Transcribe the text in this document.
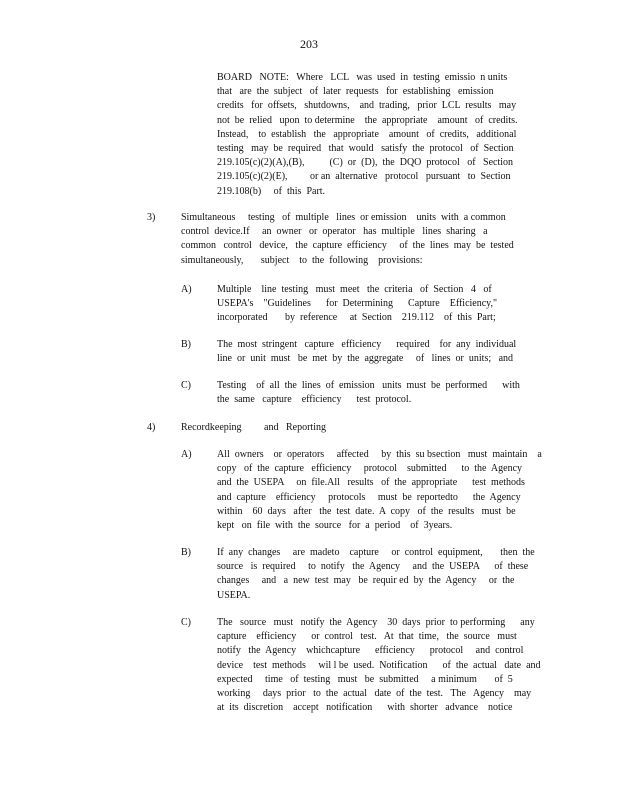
203
BOARD   NOTE:   Where   LCL   was  used  in  testing  emissio  n units
that   are  the  subject   of  later  requests   for  establishing   emission
credits   for  offsets,   shutdowns,    and  trading,   prior  LCL  results   may
not  be  relied   upon  to determine    the  appropriate    amount   of  credits.
Instead,    to  establish   the   appropriate    amount   of  credits,   additional
testing   may  be  required   that  would   satisfy  the  protocol   of  Section
219.105(c)(2)(A),(B),          (C)  or  (D),  the  DQO  protocol   of   Section
219.105(c)(2)(E),         or an  alternative   protocol   pursuant   to  Section
219.108(b)     of  this  Part.
3)	Simultaneous     testing   of  multiple   lines  or emission    units  with  a common
control  device.If     an  owner   or  operator   has  multiple   lines  sharing   a
common   control   device,   the  capture  efficiency     of  the  lines  may  be  tested
simultaneously,       subject    to  the  following    provisions:
A)	Multiple    line  testing   must  meet   the  criteria   of  Section   4   of
USEPA's    "Guidelines      for  Determining      Capture    Efficiency,"
incorporated       by  reference     at  Section    219.112    of  this  Part;
B)	The  most  stringent   capture   efficiency      required    for  any  individual
line  or  unit  must   be  met  by  the  aggregate     of   lines  or  units;   and
C)	Testing    of  all  the  lines  of  emission   units  must  be  performed      with
the  same   capture    efficiency      test  protocol.
4)	Recordkeeping         and   Reporting
A)	All  owners    or  operators     affected     by  this  su bsection   must  maintain    a
copy   of  the  capture   efficiency     protocol    submitted      to  the  Agency
and  the  USEPA     on  file.All   results   of  the  appropriate      test  methods
and  capture    efficiency     protocols     must  be  reportedto      the  Agency
within    60  days   after   the  test  date.  A  copy   of  the  results   must  be
kept   on  file  with  the  source   for  a  period    of  3years.
B)	If  any  changes     are  madeto    capture     or  control  equipment,       then  the
source   is  required     to  notify   the  Agency     and  the  USEPA      of  these
changes     and   a  new  test  may   be  requir ed  by  the  Agency     or  the
USEPA.
C)	The   source   must   notify  the  Agency    30  days  prior  to performing      any
capture    efficiency      or  control   test.   At  that  time,   the  source   must
notify   the  Agency    whichcapture      efficiency      protocol     and  control
device    test  methods     wil l be  used.  Notification      of  the  actual   date  and
expected     time   of  testing   must   be  submitted     a minimum       of  5
working     days  prior   to  the  actual   date  of  the  test.   The   Agency    may
at  its  discretion    accept   notification      with  shorter   advance    notice
